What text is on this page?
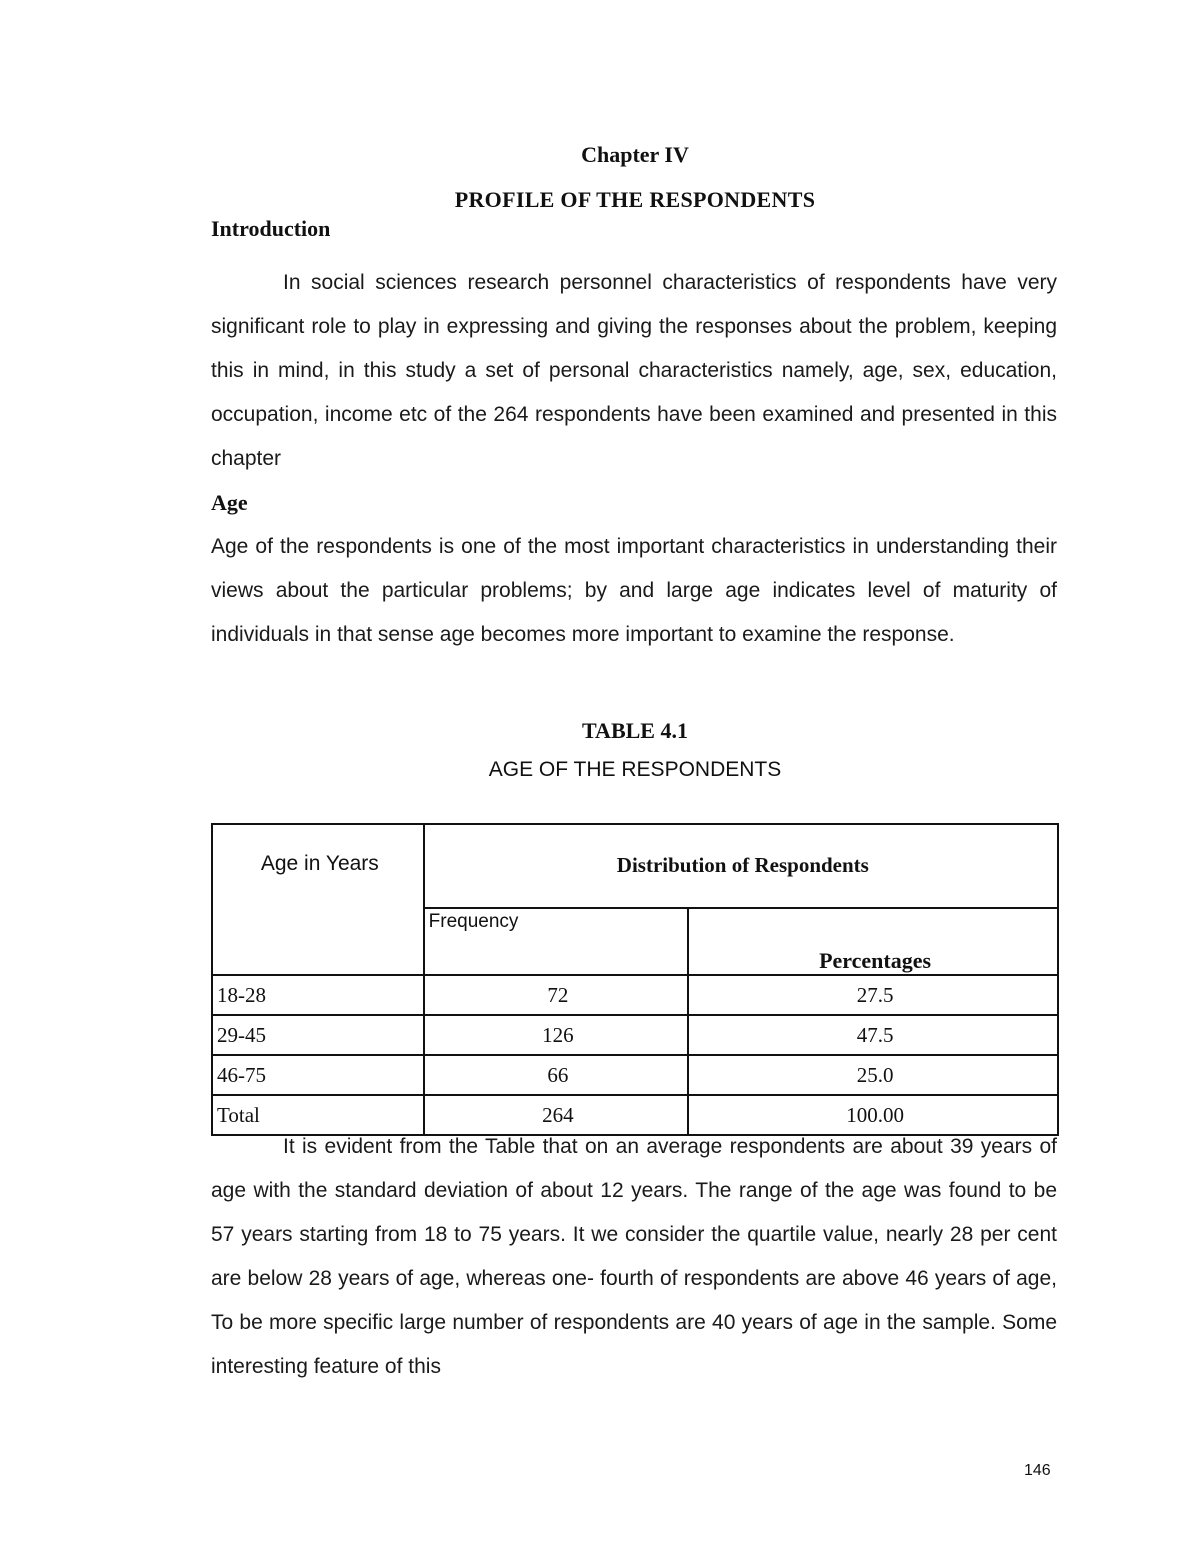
Chapter IV
PROFILE OF THE RESPONDENTS
Introduction

In social sciences research personnel characteristics of respondents have very significant role to play in expressing and giving the responses about the problem, keeping this in mind, in this study a set of personal characteristics namely, age, sex, education, occupation, income etc of the 264 respondents have been examined and presented in this chapter

Age

Age of the respondents is one of the most important characteristics in understanding their views about the particular problems; by and large age indicates level of maturity of individuals in that sense age becomes more important to examine the response.

TABLE 4.1
AGE OF THE RESPONDENTS
Age in Years	Distribution of Respondents	
	Frequency	Percentages
18-28	72	27.5
29-45	126	47.5
46-75	66	25.0
Total	264	100.00

It is evident from the Table that on an average respondents are about 39 years of age with the standard deviation of about 12 years. The range of the age was found to be 57 years starting from 18 to 75 years. It we consider the quartile value, nearly 28 per cent are below 28 years of age, whereas one- fourth of respondents are above 46 years of age, To be more specific large number of respondents are 40 years of age in the sample. Some interesting feature of this

146
